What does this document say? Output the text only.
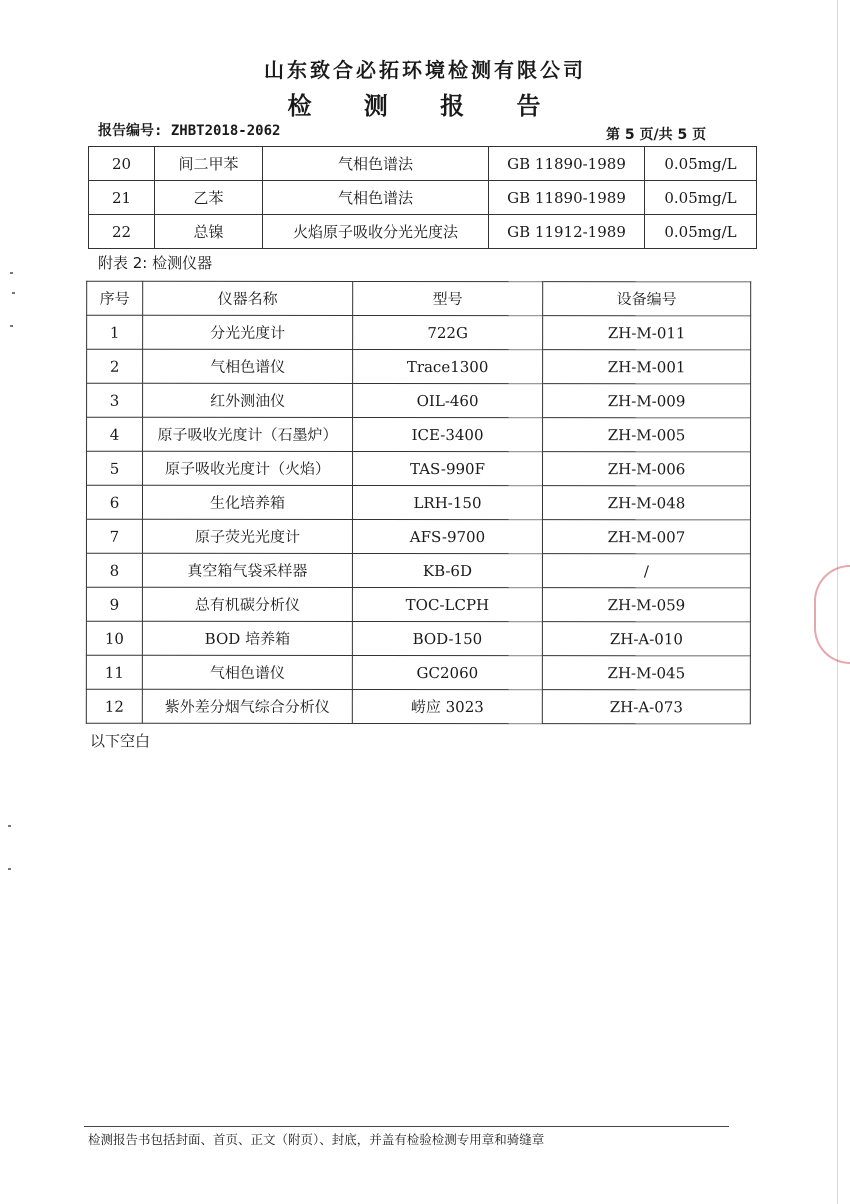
山东致合必拓环境检测有限公司
检 测 报 告
报告编号: ZHBT2018-2062	第 5 页/共 5 页
20	间二甲苯	气相色谱法	GB 11890-1989	0.05mg/L
21	乙苯	气相色谱法	GB 11890-1989	0.05mg/L
22	总镍	火焰原子吸收分光光度法	GB 11912-1989	0.05mg/L
附表 2: 检测仪器
序号	仪器名称	型号	设备编号
1	分光光度计	722G	ZH-M-011
2	气相色谱仪	Trace1300	ZH-M-001
3	红外测油仪	OIL-460	ZH-M-009
4	原子吸收光度计（石墨炉）	ICE-3400	ZH-M-005
5	原子吸收光度计（火焰）	TAS-990F	ZH-M-006
6	生化培养箱	LRH-150	ZH-M-048
7	原子荧光光度计	AFS-9700	ZH-M-007
8	真空箱气袋采样器	KB-6D	/
9	总有机碳分析仪	TOC-LCPH	ZH-M-059
10	BOD 培养箱	BOD-150	ZH-A-010
11	气相色谱仪	GC2060	ZH-M-045
12	紫外差分烟气综合分析仪	崂应 3023	ZH-A-073
以下空白
检测报告书包括封面、首页、正文（附页）、封底，并盖有检验检测专用章和骑缝章
